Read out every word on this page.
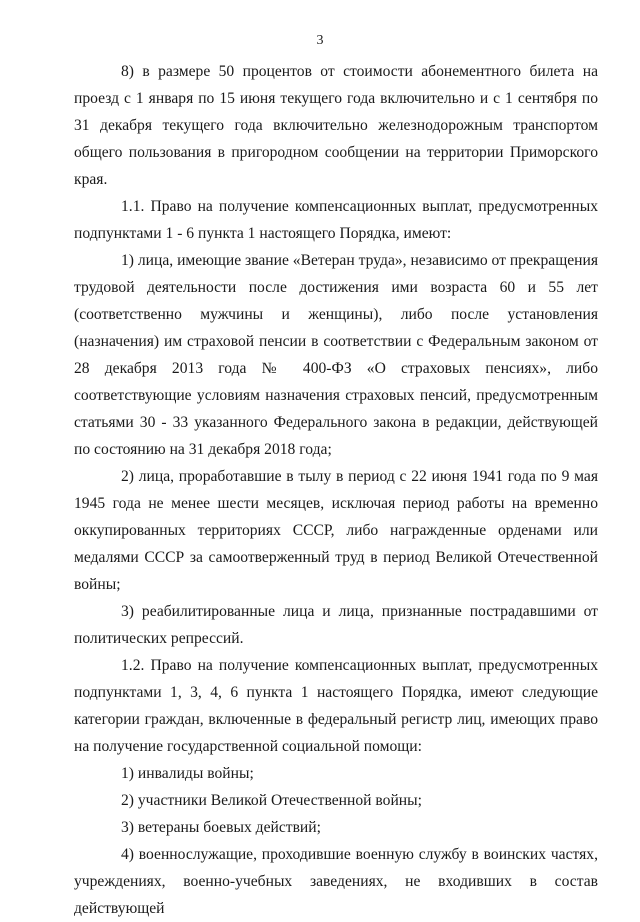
3

8) в размере 50 процентов от стоимости абонементного билета на проезд с 1 января по 15 июня текущего года включительно и с 1 сентября по 31 декабря текущего года включительно железнодорожным транспортом общего пользования в пригородном сообщении на территории Приморского края.

1.1. Право на получение компенсационных выплат, предусмотренных подпунктами 1 - 6 пункта 1 настоящего Порядка, имеют:

1) лица, имеющие звание «Ветеран труда», независимо от прекращения трудовой деятельности после достижения ими возраста 60 и 55 лет (соответственно мужчины и женщины), либо после установления (назначения) им страховой пенсии в соответствии с Федеральным законом от 28 декабря 2013 года № 400-ФЗ «О страховых пенсиях», либо соответствующие условиям назначения страховых пенсий, предусмотренным статьями 30 - 33 указанного Федерального закона в редакции, действующей по состоянию на 31 декабря 2018 года;

2) лица, проработавшие в тылу в период с 22 июня 1941 года по 9 мая 1945 года не менее шести месяцев, исключая период работы на временно оккупированных территориях СССР, либо награжденные орденами или медалями СССР за самоотверженный труд в период Великой Отечественной войны;

3) реабилитированные лица и лица, признанные пострадавшими от политических репрессий.

1.2. Право на получение компенсационных выплат, предусмотренных подпунктами 1, 3, 4, 6 пункта 1 настоящего Порядка, имеют следующие категории граждан, включенные в федеральный регистр лиц, имеющих право на получение государственной социальной помощи:

1) инвалиды войны;

2) участники Великой Отечественной войны;

3) ветераны боевых действий;

4) военнослужащие, проходившие военную службу в воинских частях, учреждениях, военно-учебных заведениях, не входивших в состав действующей
